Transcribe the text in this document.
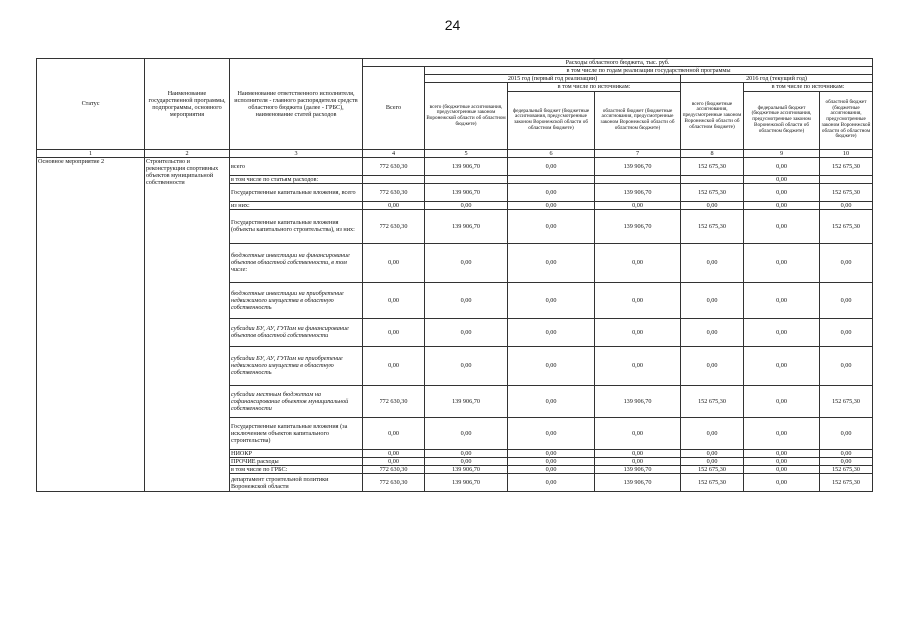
24
Статус	Наименование государственной программы, подпрограммы, основного мероприятия	Наименование ответственного исполнителя, исполнителя - главного распорядителя средств областного бюджета (далее - ГРБС), наименование статей расходов	Расходы областного бюджета, тыс. руб.						
			Всего	в том числе по годам реализации государственной программы					
				2015 год (первый год реализации)			2016 год (текущий год)		
				всего (бюджетные ассигнования, предусмотренные законом Воронежской области об областном бюджете)	в том числе по источникам:		всего (бюджетные ассигнования, предусмотренные законом Воронежской области об областном бюджете)	в том числе по источникам:	
					федеральный бюджет (бюджетные ассигнования, предусмотренные законом Воронежской области об областном бюджете)	областной бюджет (бюджетные ассигнования, предусмотренные законом Воронежской области об областном бюджете)		федеральный бюджет (бюджетные ассигнования, предусмотренные законом Воронежской области об областном бюджете)	областной бюджет (бюджетные ассигнования, предусмотренные законом Воронежской области об областном бюджете)
1	2	3	4	5	6	7	8	9	10
Основное мероприятие 2	Строительство и реконструкция спортивных объектов муниципальной собственности	всего	772 630,30	139 906,70	0,00	139 906,70	152 675,30	0,00	152 675,30
		в том числе по статьям расходов:						0,00	
		Государственные капитальные вложения, всего	772 630,30	139 906,70	0,00	139 906,70	152 675,30	0,00	152 675,30
		из них:	0,00	0,00	0,00	0,00	0,00	0,00	0,00
		Государственные капитальные вложения (объекты капитального строительства), из них:	772 630,30	139 906,70	0,00	139 906,70	152 675,30	0,00	152 675,30
		бюджетные инвестиции на финансирование объектов областной собственности, в том числе:	0,00	0,00	0,00	0,00	0,00	0,00	0,00
		бюджетные инвестиции на приобретение недвижимого имущества в областную собственность	0,00	0,00	0,00	0,00	0,00	0,00	0,00
		субсидии БУ, АУ, ГУПам на финансирование объектов областной собственности	0,00	0,00	0,00	0,00	0,00	0,00	0,00
		субсидии БУ, АУ, ГУПам на приобретение недвижимого имущества в областную собственность	0,00	0,00	0,00	0,00	0,00	0,00	0,00
		субсидии местным бюджетам на софинансирование объектов муниципальной собственности	772 630,30	139 906,70	0,00	139 906,70	152 675,30	0,00	152 675,30
		Государственные капитальные вложения (за исключением объектов капитального строительства)	0,00	0,00	0,00	0,00	0,00	0,00	0,00
		НИОКР	0,00	0,00	0,00	0,00	0,00	0,00	0,00
		ПРОЧИЕ расходы	0,00	0,00	0,00	0,00	0,00	0,00	0,00
		в том числе по ГРБС:	772 630,30	139 906,70	0,00	139 906,70	152 675,30	0,00	152 675,30
		департамент строительной политики Воронежской области	772 630,30	139 906,70	0,00	139 906,70	152 675,30	0,00	152 675,30
